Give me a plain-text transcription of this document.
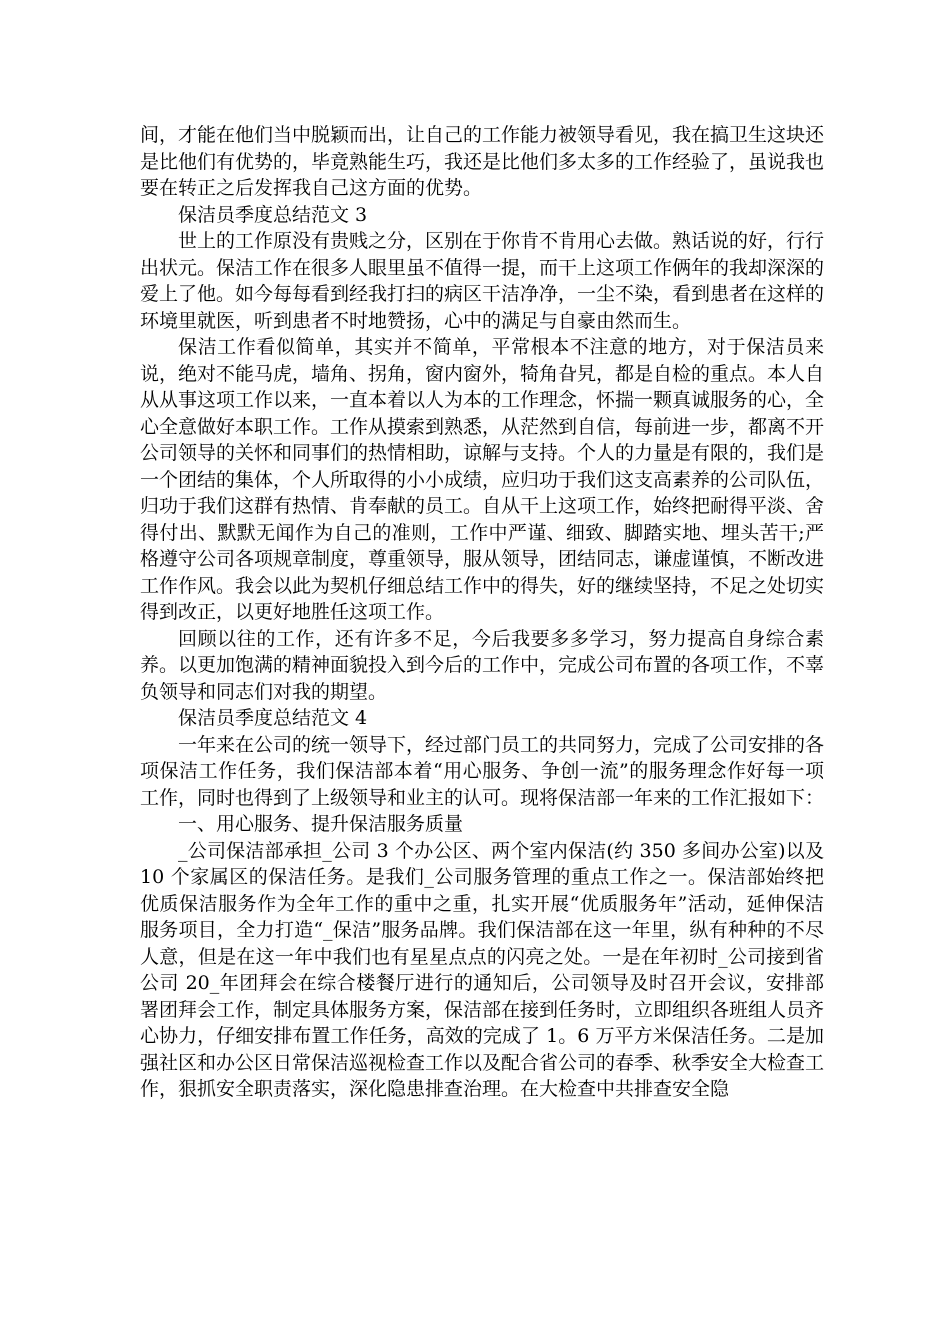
间，才能在他们当中脱颖而出，让自己的工作能力被领导看见，我在搞卫生这块还是比他们有优势的，毕竟熟能生巧，我还是比他们多太多的工作经验了，虽说我也要在转正之后发挥我自己这方面的优势。

保洁员季度总结范文 3

世上的工作原没有贵贱之分，区别在于你肯不肯用心去做。熟话说的好，行行出状元。保洁工作在很多人眼里虽不值得一提，而干上这项工作俩年的我却深深的爱上了他。如今每每看到经我打扫的病区干洁净净，一尘不染，看到患者在这样的环境里就医，听到患者不时地赞扬，心中的满足与自豪由然而生。

保洁工作看似简单，其实并不简单，平常根本不注意的地方，对于保洁员来说，绝对不能马虎，墙角、拐角，窗内窗外，犄角旮旯，都是自检的重点。本人自从从事这项工作以来，一直本着以人为本的工作理念，怀揣一颗真诚服务的心，全心全意做好本职工作。工作从摸索到熟悉，从茫然到自信，每前进一步，都离不开公司领导的关怀和同事们的热情相助，谅解与支持。个人的力量是有限的，我们是一个团结的集体，个人所取得的小小成绩，应归功于我们这支高素养的公司队伍，归功于我们这群有热情、肯奉献的员工。自从干上这项工作，始终把耐得平淡、舍得付出、默默无闻作为自己的准则，工作中严谨、细致、脚踏实地、埋头苦干;严格遵守公司各项规章制度，尊重领导，服从领导，团结同志，谦虚谨慎，不断改进工作作风。我会以此为契机仔细总结工作中的得失，好的继续坚持，不足之处切实得到改正，以更好地胜任这项工作。

回顾以往的工作，还有许多不足，今后我要多多学习，努力提高自身综合素养。以更加饱满的精神面貌投入到今后的工作中，完成公司布置的各项工作，不辜负领导和同志们对我的期望。

保洁员季度总结范文 4

一年来在公司的统一领导下，经过部门员工的共同努力，完成了公司安排的各项保洁工作任务，我们保洁部本着“用心服务、争创一流”的服务理念作好每一项工作，同时也得到了上级领导和业主的认可。现将保洁部一年来的工作汇报如下：

一、用心服务、提升保洁服务质量

_公司保洁部承担_公司 3 个办公区、两个室内保洁(约 350 多间办公室)以及 10 个家属区的保洁任务。是我们_公司服务管理的重点工作之一。保洁部始终把优质保洁服务作为全年工作的重中之重，扎实开展“优质服务年”活动，延伸保洁服务项目，全力打造“_保洁”服务品牌。我们保洁部在这一年里，纵有种种的不尽人意，但是在这一年中我们也有星星点点的闪亮之处。一是在年初时_公司接到省公司 20_年团拜会在综合楼餐厅进行的通知后，公司领导及时召开会议，安排部署团拜会工作，制定具体服务方案，保洁部在接到任务时，立即组织各班组人员齐心协力，仔细安排布置工作任务，高效的完成了 1。6 万平方米保洁任务。二是加强社区和办公区日常保洁巡视检查工作以及配合省公司的春季、秋季安全大检查工作，狠抓安全职责落实，深化隐患排查治理。在大检查中共排查安全隐
